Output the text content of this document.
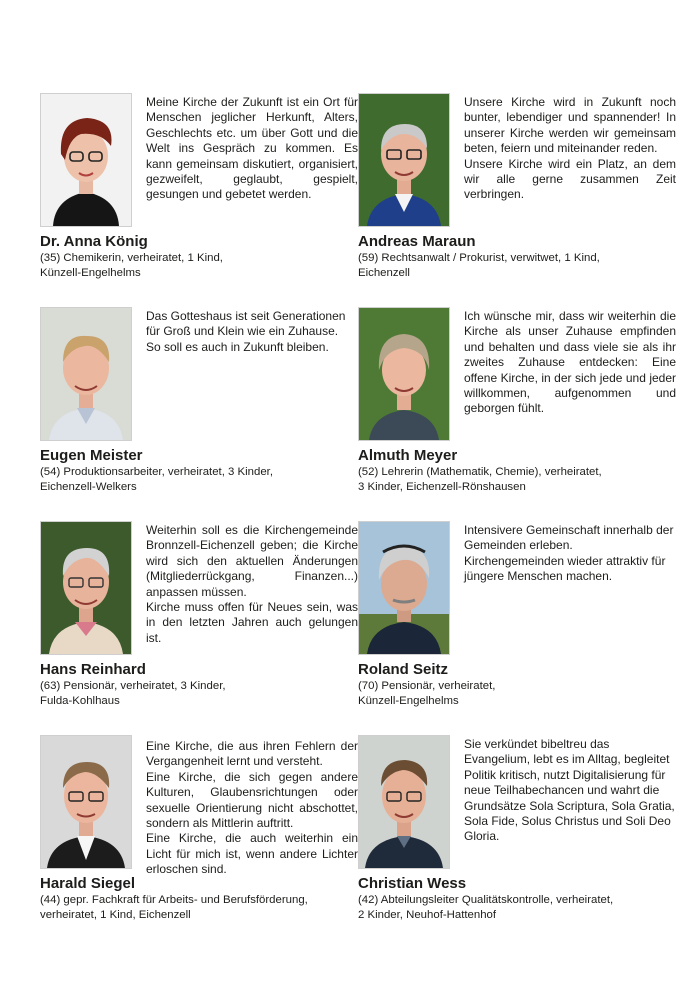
Meine Kirche der Zukunft ist ein Ort für Menschen jeglicher Herkunft, Alters, Geschlechts etc. um über Gott und die Welt ins Gespräch zu kommen. Es kann gemeinsam diskutiert, organisiert, gezweifelt, geglaubt, gespielt, gesungen und gebetet werden.

Dr. Anna König
(35) Chemikerin, verheiratet, 1 Kind,
Künzell-Engelhelms

Unsere Kirche wird in Zukunft noch bunter, lebendiger und spannender! In unserer Kirche werden wir gemeinsam beten, feiern und miteinander reden.

Unsere Kirche wird ein Platz, an dem wir alle gerne zusammen Zeit verbringen.

Andreas Maraun
(59) Rechtsanwalt / Prokurist, verwitwet, 1 Kind,
Eichenzell

Das Gotteshaus ist seit Generationen für Groß und Klein wie ein Zuhause.

So soll es auch in Zukunft bleiben.

Eugen Meister
(54) Produktionsarbeiter, verheiratet, 3 Kinder,
Eichenzell-Welkers

Ich wünsche mir, dass wir weiterhin die Kirche als unser Zuhause empfinden und behalten und dass viele sie als ihr zweites Zuhause entdecken: Eine offene Kirche, in der sich jede und jeder willkommen, aufgenommen und geborgen fühlt.

Almuth Meyer
(52) Lehrerin (Mathematik, Chemie), verheiratet,
3 Kinder, Eichenzell-Rönshausen

Weiterhin soll es die Kirchengemeinde Bronnzell-Eichenzell geben; die Kirche wird sich den aktuellen Änderungen (Mitgliederrückgang, Finanzen...) anpassen müssen.

Kirche muss offen für Neues sein, was in den letzten Jahren auch gelungen ist.

Hans Reinhard
(63) Pensionär, verheiratet, 3 Kinder,
Fulda-Kohlhaus

Intensivere Gemeinschaft innerhalb der Gemeinden erleben.

Kirchengemeinden wieder attraktiv für jüngere Menschen machen.

Roland Seitz
(70) Pensionär, verheiratet,
Künzell-Engelhelms

Eine Kirche, die aus ihren Fehlern der Vergangenheit lernt und versteht.

Eine Kirche, die sich gegen andere Kulturen, Glaubensrichtungen oder sexuelle Orientierung nicht abschottet, sondern als Mittlerin auftritt.

Eine Kirche, die auch weiterhin ein Licht für mich ist, wenn andere Lichter erloschen sind.

Harald Siegel
(44) gepr. Fachkraft für Arbeits- und Berufsförderung,
verheiratet, 1 Kind, Eichenzell

Sie verkündet bibeltreu das Evangelium, lebt es im Alltag, begleitet Politik kritisch, nutzt Digitalisierung für neue Teilhabechancen und wahrt die Grundsätze Sola Scriptura, Sola Gratia, Sola Fide, Solus Christus und Soli Deo Gloria.

Christian Wess
(42) Abteilungsleiter Qualitätskontrolle, verheiratet,
2 Kinder, Neuhof-Hattenhof
